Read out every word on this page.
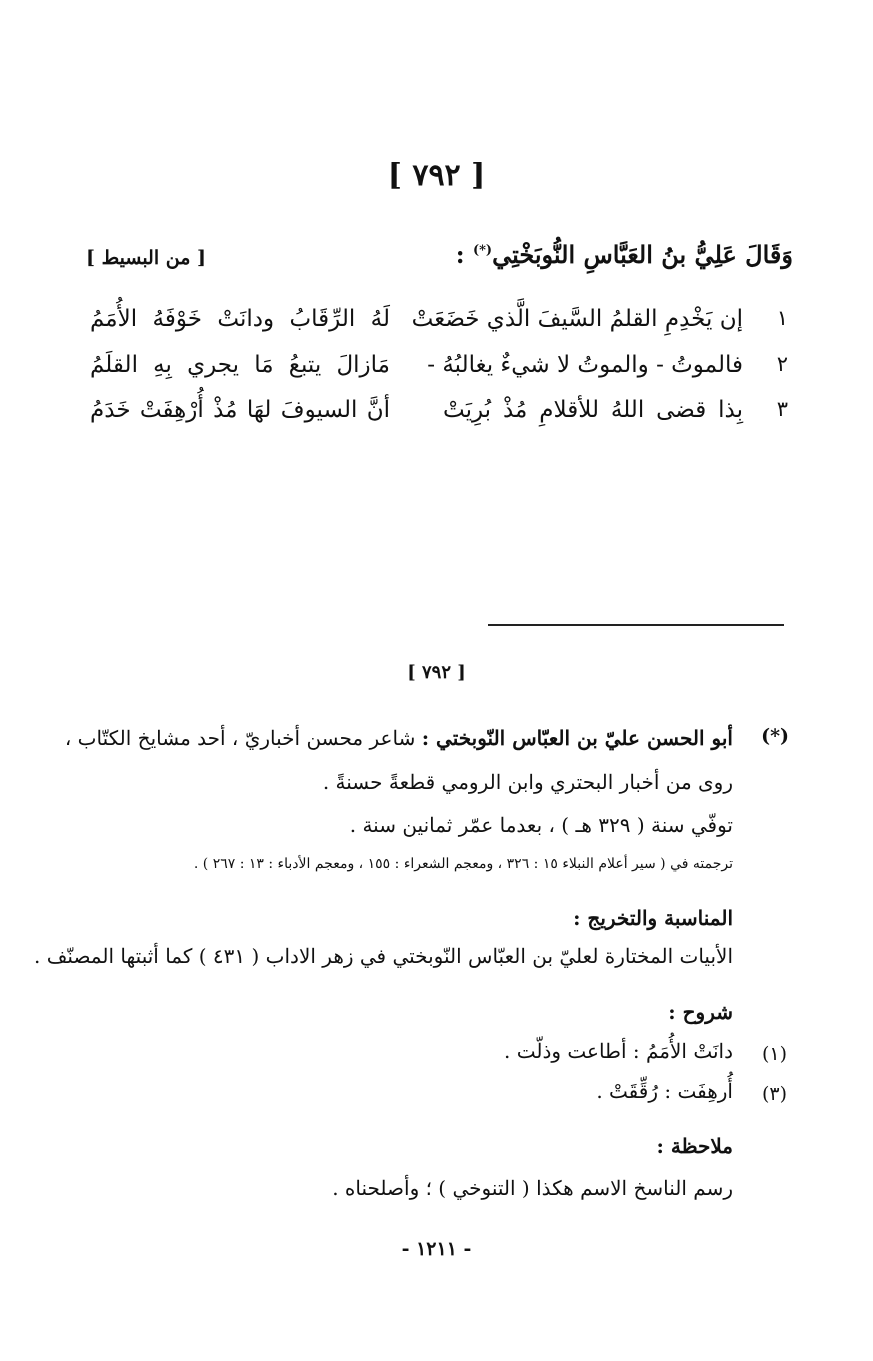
[ ٧٩٢ ]
وَقَالَ عَلِيُّ بنُ العَبَّاسِ النُّوبَخْتِي(*) :
[ من البسيط ]
١
إن يَخْدِمِ القلمُ السَّيفَ الَّذي خَضَعَتْ
لَهُ الرِّقَابُ ودانَتْ خَوْفَهُ الأُمَمُ
٢
فالموتُ - والموتُ لا شيءٌ يغالبُهُ -
مَازالَ يتبعُ مَا يجري بِهِ القلَمُ
٣
بِذا قضى اللهُ للأقلامِ مُذْ بُرِيَتْ
أنَّ السيوفَ لهَا مُذْ أُرْهِفَتْ خَدَمُ
[ ٧٩٢ ]
(*)
أبو الحسن عليّ بن العبّاس النّوبختي : شاعر محسن أخباريّ ، أحد مشايخ الكتّاب ،
روى من أخبار البحتري وابن الرومي قطعةً حسنةً .
توفّي سنة ( ٣٢٩ هـ ) ، بعدما عمّر ثمانين سنة .
ترجمته في ( سير أعلام النبلاء ١٥ : ٣٢٦ ، ومعجم الشعراء : ١٥٥ ، ومعجم الأدباء : ١٣ : ٢٦٧ ) .
المناسبة والتخريج :
الأبيات المختارة لعليّ بن العبّاس النّوبختي في زهر الاداب ( ٤٣١ ) كما أثبتها المصنّف .
شروح :
(١)
دانَتْ الأُمَمُ : أطاعت وذلّت .
(٣)
أُرهِفَت : رُقِّقَتْ .
ملاحظة :
رسم الناسخ الاسم هكذا ( التنوخي ) ؛ وأصلحناه .
- ١٢١١ -
